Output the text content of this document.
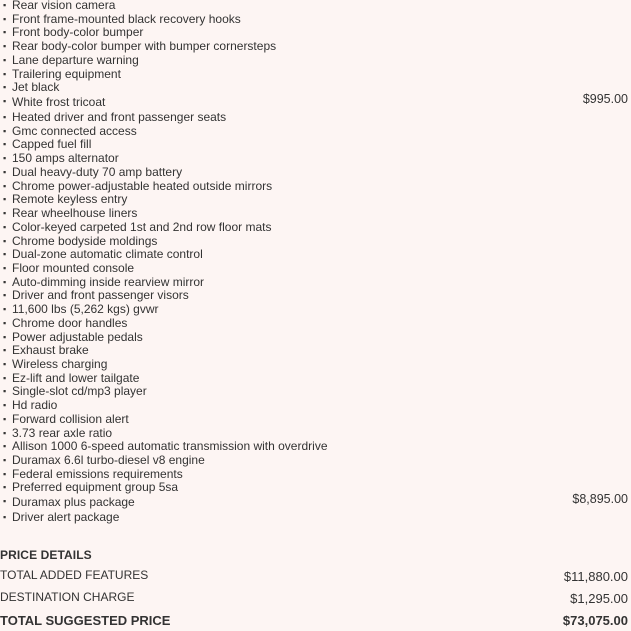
▪ Rear vision camera
▪ Front frame-mounted black recovery hooks
▪ Front body-color bumper
▪ Rear body-color bumper with bumper cornersteps
▪ Lane departure warning
▪ Trailering equipment
▪ Jet black
▪ White frost tricoat	$995.00
▪ Heated driver and front passenger seats
▪ Gmc connected access
▪ Capped fuel fill
▪ 150 amps alternator
▪ Dual heavy-duty 70 amp battery
▪ Chrome power-adjustable heated outside mirrors
▪ Remote keyless entry
▪ Rear wheelhouse liners
▪ Color-keyed carpeted 1st and 2nd row floor mats
▪ Chrome bodyside moldings
▪ Dual-zone automatic climate control
▪ Floor mounted console
▪ Auto-dimming inside rearview mirror
▪ Driver and front passenger visors
▪ 11,600 lbs (5,262 kgs) gvwr
▪ Chrome door handles
▪ Power adjustable pedals
▪ Exhaust brake
▪ Wireless charging
▪ Ez-lift and lower tailgate
▪ Single-slot cd/mp3 player
▪ Hd radio
▪ Forward collision alert
▪ 3.73 rear axle ratio
▪ Allison 1000 6-speed automatic transmission with overdrive
▪ Duramax 6.6l turbo-diesel v8 engine
▪ Federal emissions requirements
▪ Preferred equipment group 5sa
▪ Duramax plus package	$8,895.00
▪ Driver alert package
PRICE DETAILS
TOTAL ADDED FEATURES	$11,880.00
DESTINATION CHARGE	$1,295.00
TOTAL SUGGESTED PRICE	$73,075.00
